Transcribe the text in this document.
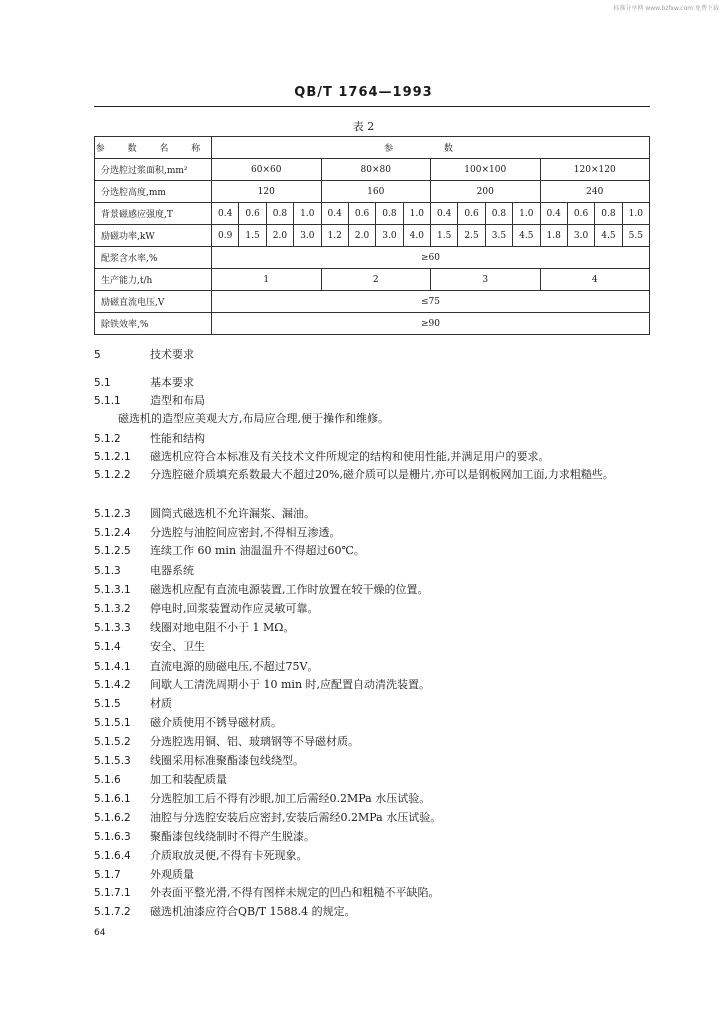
标准分享网 www.bzfxw.com 免费下载
QB/T 1764—1993
表 2
参 数 名 称	参 数															
分选腔过浆面积,mm²	60×60				80×80				100×100				120×120			
分选腔高度,mm	120				160				200				240			
背景磁感应强度,T	0.4	0.6	0.8	1.0	0.4	0.6	0.8	1.0	0.4	0.6	0.8	1.0	0.4	0.6	0.8	1.0
励磁功率,kW	0.9	1.5	2.0	3.0	1.2	2.0	3.0	4.0	1.5	2.5	3.5	4.5	1.8	3.0	4.5	5.5
配浆含水率,%	≥60															
生产能力,t/h	1				2				3				4			
励磁直流电压,V	≤75															
除铁效率,%	≥90															
5	技术要求
5.1	基本要求
5.1.1	造型和布局
磁选机的造型应美观大方,布局应合理,便于操作和维修。
5.1.2	性能和结构
5.1.2.1 磁选机应符合本标准及有关技术文件所规定的结构和使用性能,并满足用户的要求。
5.1.2.2 分选腔磁介质填充系数最大不超过20%,磁介质可以是栅片,亦可以是钢板网加工面,力求粗糙些。
5.1.2.3 圆筒式磁选机不允许漏浆、漏油。
5.1.2.4 分选腔与油腔间应密封,不得相互渗透。
5.1.2.5 连续工作 60 min 油温温升不得超过60℃。
5.1.3	电器系统
5.1.3.1 磁选机应配有直流电源装置,工作时放置在较干燥的位置。
5.1.3.2 停电时,回浆装置动作应灵敏可靠。
5.1.3.3 线圈对地电阻不小于 1 MΩ。
5.1.4	安全、卫生
5.1.4.1 直流电源的励磁电压,不超过75V。
5.1.4.2 间歇人工清洗周期小于 10 min 时,应配置自动清洗装置。
5.1.5	材质
5.1.5.1 磁介质使用不锈导磁材质。
5.1.5.2 分选腔选用铜、铝、玻璃钢等不导磁材质。
5.1.5.3 线圈采用标准聚酯漆包线绕型。
5.1.6	加工和装配质量
5.1.6.1 分选腔加工后不得有沙眼,加工后需经0.2MPa 水压试验。
5.1.6.2 油腔与分选腔安装后应密封,安装后需经0.2MPa 水压试验。
5.1.6.3 聚酯漆包线绕制时不得产生脱漆。
5.1.6.4 介质取放灵便,不得有卡死现象。
5.1.7	外观质量
5.1.7.1 外表面平整光滑,不得有图样未规定的凹凸和粗糙不平缺陷。
5.1.7.2 磁选机油漆应符合QB/T 1588.4 的规定。
64
